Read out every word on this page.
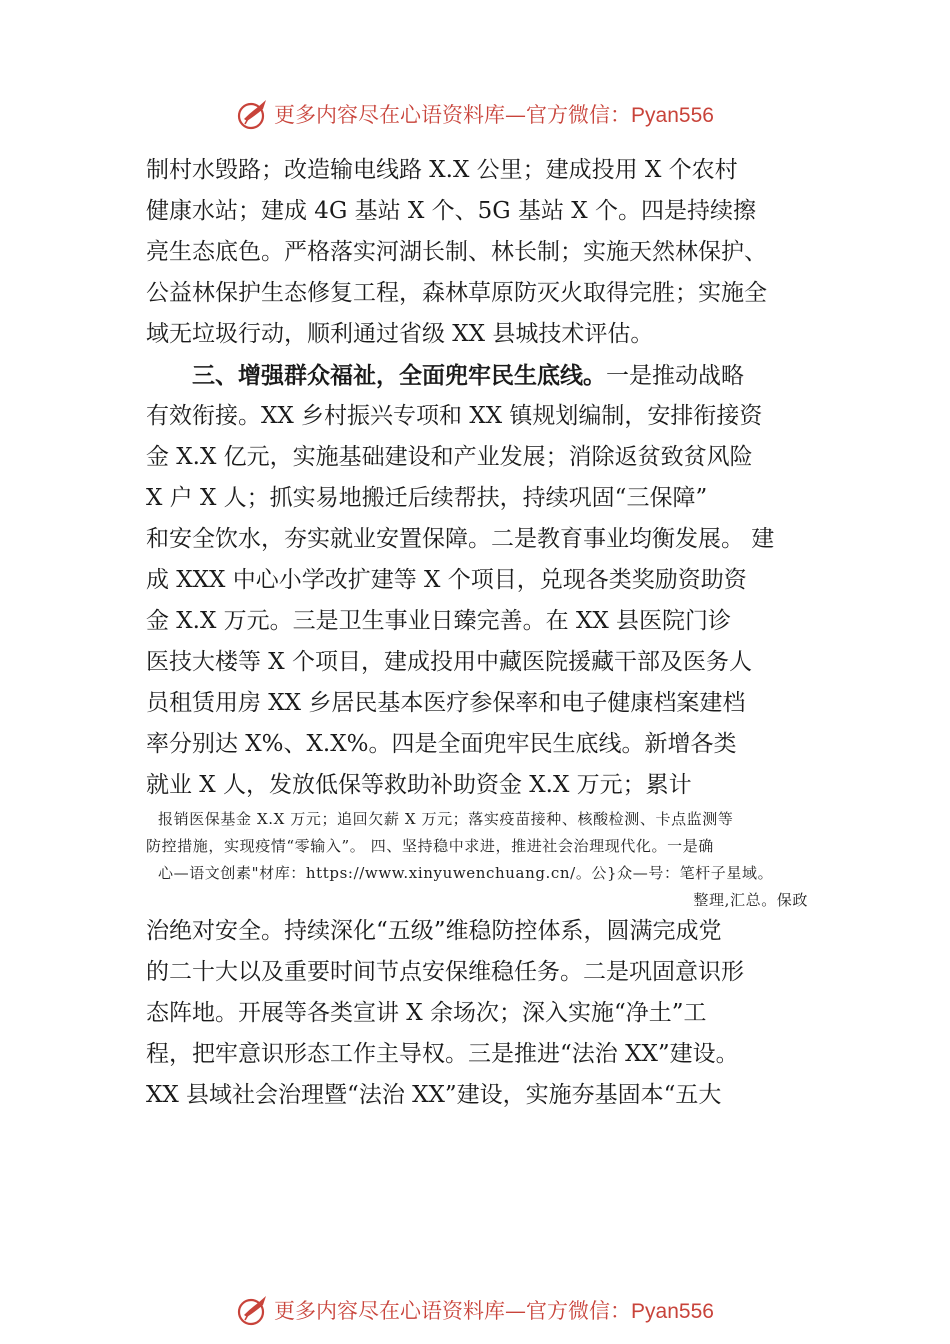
更多内容尽在心语资料库—官方微信：Pyan556
制村水毁路；改造输电线路 X.X 公里；建成投用 X 个农村
健康水站；建成 4G 基站 X 个、5G 基站 X 个。四是持续擦
亮生态底色。严格落实河湖长制、林长制；实施天然林保护、
公益林保护生态修复工程，森林草原防灭火取得完胜；实施全
域无垃圾行动，顺利通过省级 XX 县城技术评估。
三、增强群众福祉，全面兜牢民生底线。一是推动战略
有效衔接。XX 乡村振兴专项和 XX 镇规划编制，安排衔接资
金 X.X 亿元，实施基础建设和产业发展；消除返贫致贫风险
X 户 X 人；抓实易地搬迁后续帮扶，持续巩固“三保障”
和安全饮水，夯实就业安置保障。二是教育事业均衡发展。 建
成 XXX 中心小学改扩建等 X 个项目，兑现各类奖励资助资
金 X.X 万元。三是卫生事业日臻完善。在 XX 县医院门诊
医技大楼等 X 个项目，建成投用中藏医院援藏干部及医务人
员租赁用房 XX 乡居民基本医疗参保率和电子健康档案建档
率分别达 X%、X.X%。四是全面兜牢民生底线。新增各类
就业 X 人，发放低保等救助补助资金 X.X 万元；累计
报销医保基金 X.X 万元；追回欠薪 X 万元；落实疫苗接种、核酸检测、卡点监测等
防控措施，实现疫情“零输入”。 四、坚持稳中求进，推进社会治理现代化。一是确
心—语文创素"材库：https://www.xinyuwenchuang.cn/。公}众—号：笔杆子星域。
整理,汇总。保政
治绝对安全。持续深化“五级”维稳防控体系，圆满完成党
的二十大以及重要时间节点安保维稳任务。二是巩固意识形
态阵地。开展等各类宣讲 X 余场次；深入实施“净土”工
程，把牢意识形态工作主导权。三是推进“法治 XX”建设。
XX 县域社会治理暨“法治 XX”建设，实施夯基固本“五大
更多内容尽在心语资料库—官方微信：Pyan556
